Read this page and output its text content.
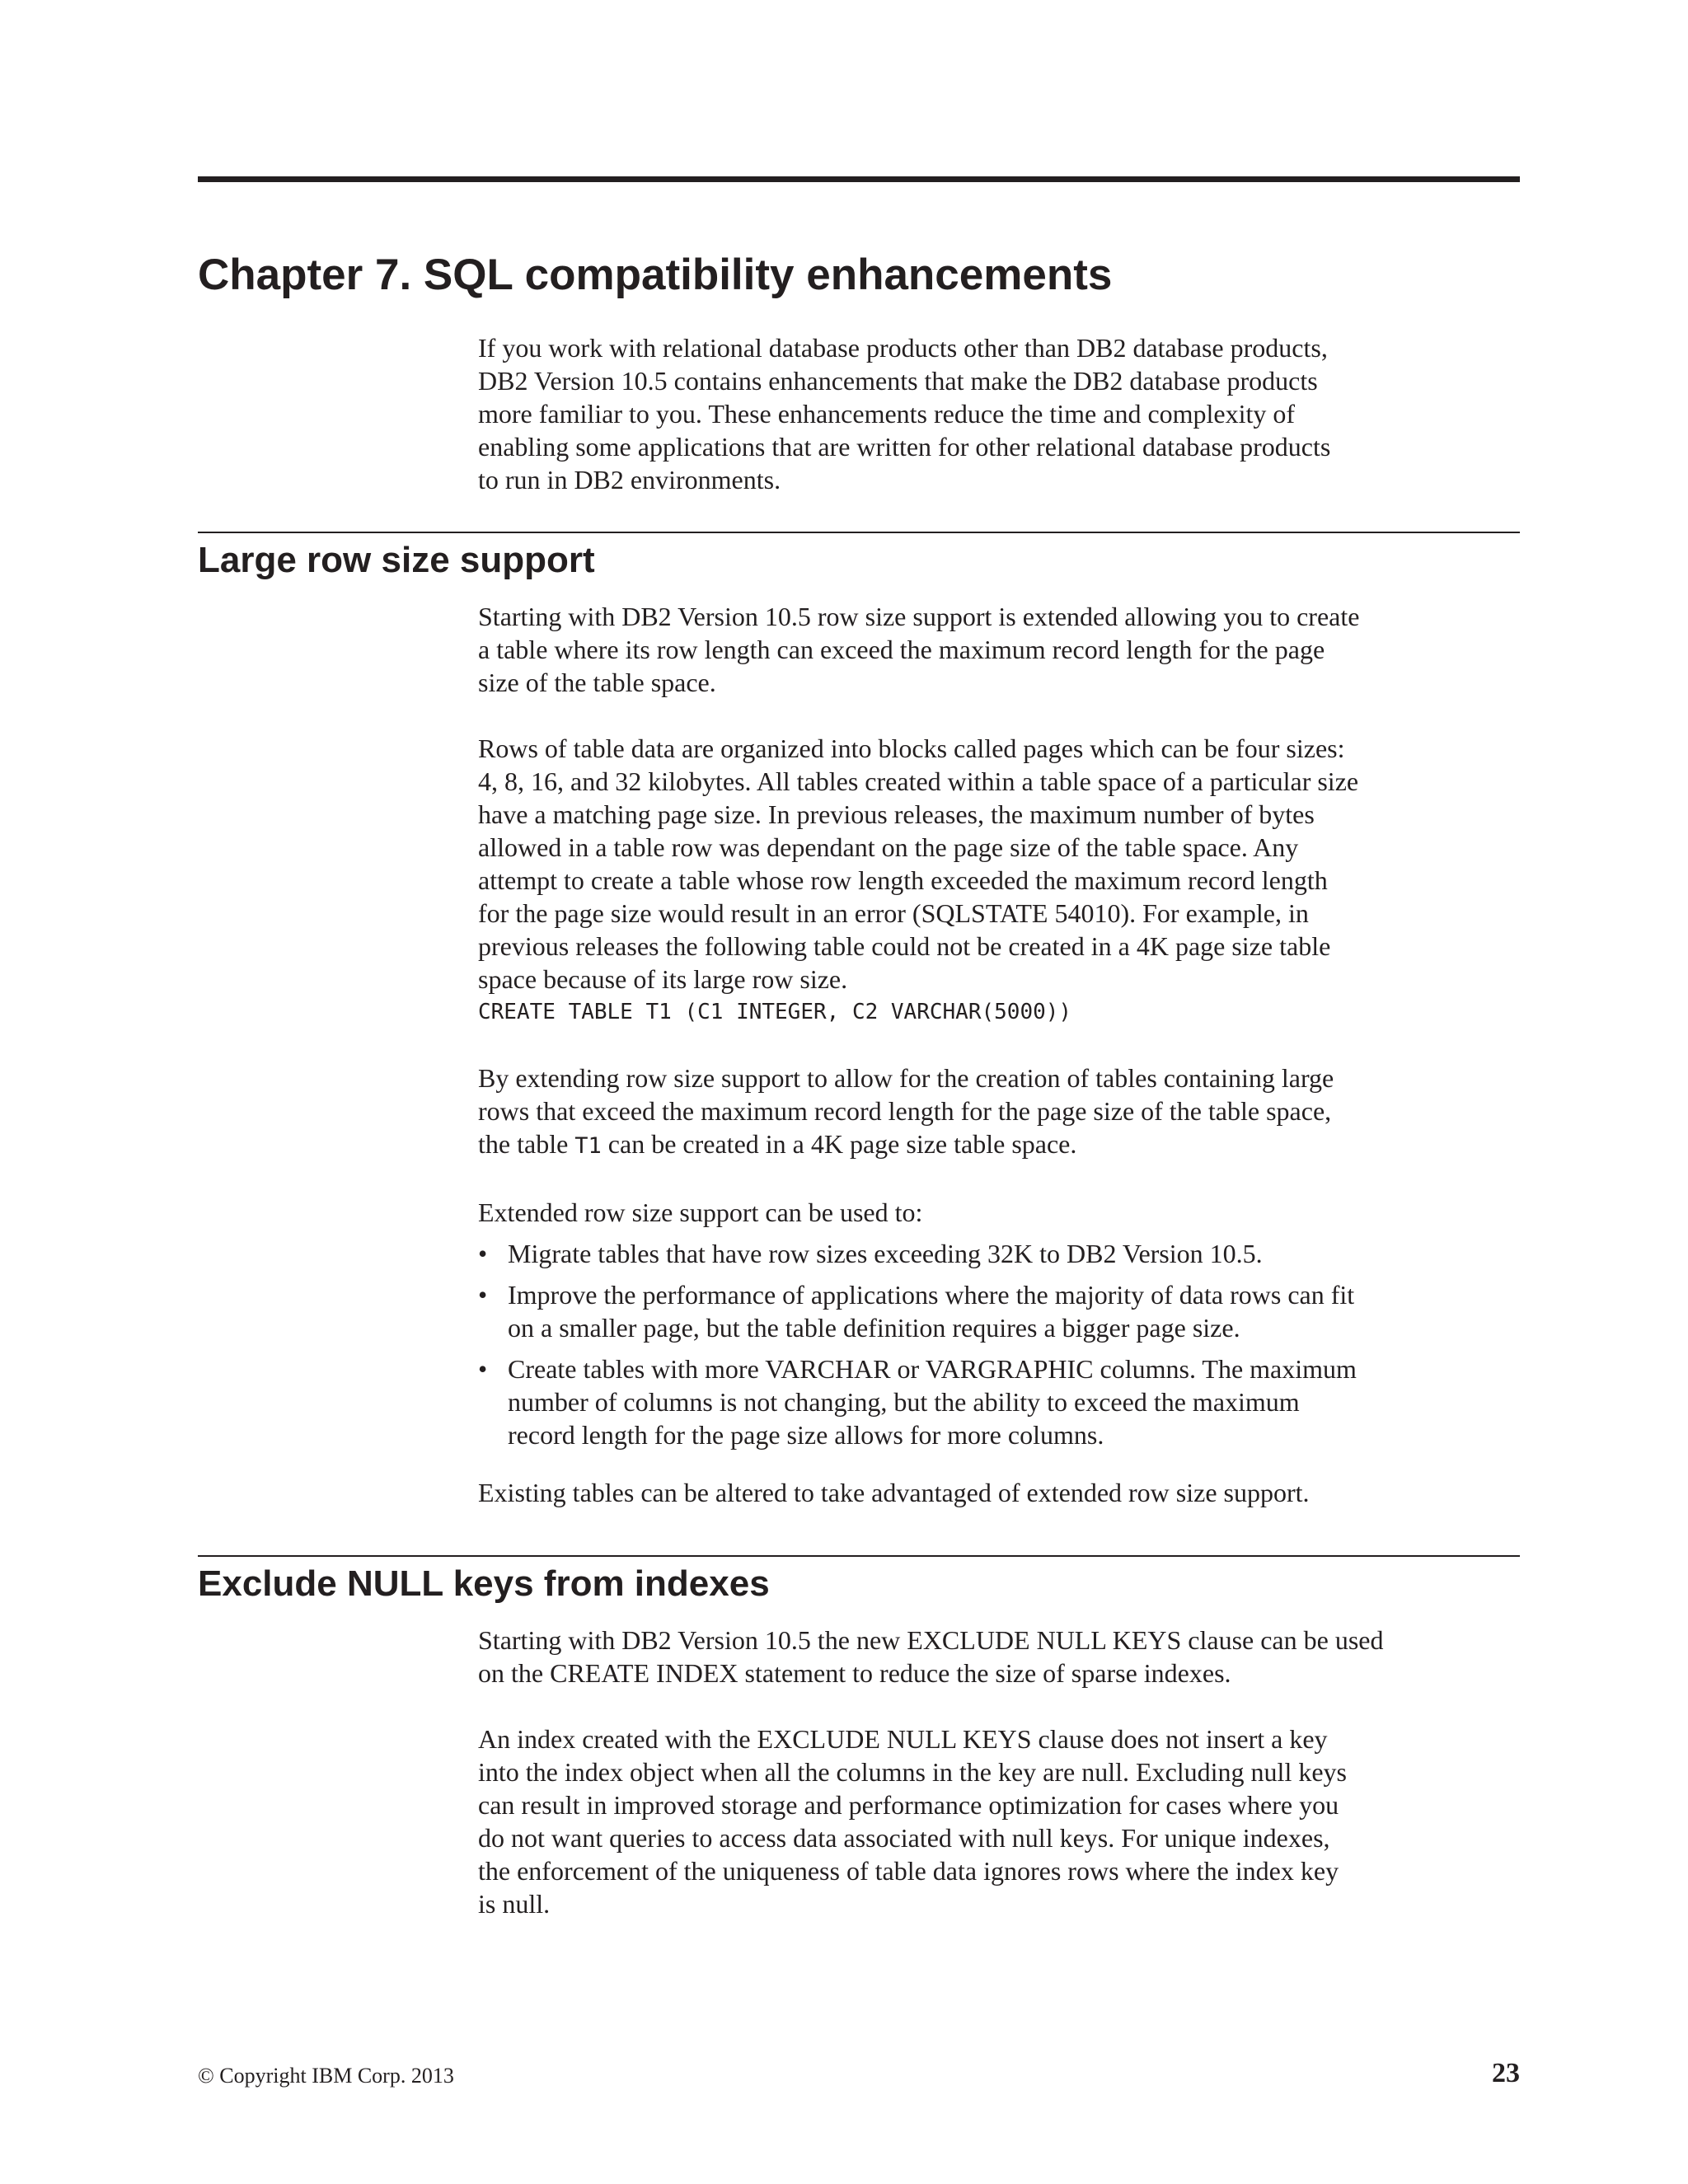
Chapter 7. SQL compatibility enhancements

If you work with relational database products other than DB2 database products,
DB2 Version 10.5 contains enhancements that make the DB2 database products
more familiar to you. These enhancements reduce the time and complexity of
enabling some applications that are written for other relational database products
to run in DB2 environments.

Large row size support

Starting with DB2 Version 10.5 row size support is extended allowing you to create
a table where its row length can exceed the maximum record length for the page
size of the table space.

Rows of table data are organized into blocks called pages which can be four sizes:
4, 8, 16, and 32 kilobytes. All tables created within a table space of a particular size
have a matching page size. In previous releases, the maximum number of bytes
allowed in a table row was dependant on the page size of the table space. Any
attempt to create a table whose row length exceeded the maximum record length
for the page size would result in an error (SQLSTATE 54010). For example, in
previous releases the following table could not be created in a 4K page size table
space because of its large row size.

CREATE TABLE T1 (C1 INTEGER, C2 VARCHAR(5000))

By extending row size support to allow for the creation of tables containing large
rows that exceed the maximum record length for the page size of the table space,
the table T1 can be created in a 4K page size table space.

Extended row size support can be used to:

• Migrate tables that have row sizes exceeding 32K to DB2 Version 10.5.
• Improve the performance of applications where the majority of data rows can fit
on a smaller page, but the table definition requires a bigger page size.
• Create tables with more VARCHAR or VARGRAPHIC columns. The maximum
number of columns is not changing, but the ability to exceed the maximum
record length for the page size allows for more columns.

Existing tables can be altered to take advantaged of extended row size support.

Exclude NULL keys from indexes

Starting with DB2 Version 10.5 the new EXCLUDE NULL KEYS clause can be used
on the CREATE INDEX statement to reduce the size of sparse indexes.

An index created with the EXCLUDE NULL KEYS clause does not insert a key
into the index object when all the columns in the key are null. Excluding null keys
can result in improved storage and performance optimization for cases where you
do not want queries to access data associated with null keys. For unique indexes,
the enforcement of the uniqueness of table data ignores rows where the index key
is null.

© Copyright IBM Corp. 2013	23
